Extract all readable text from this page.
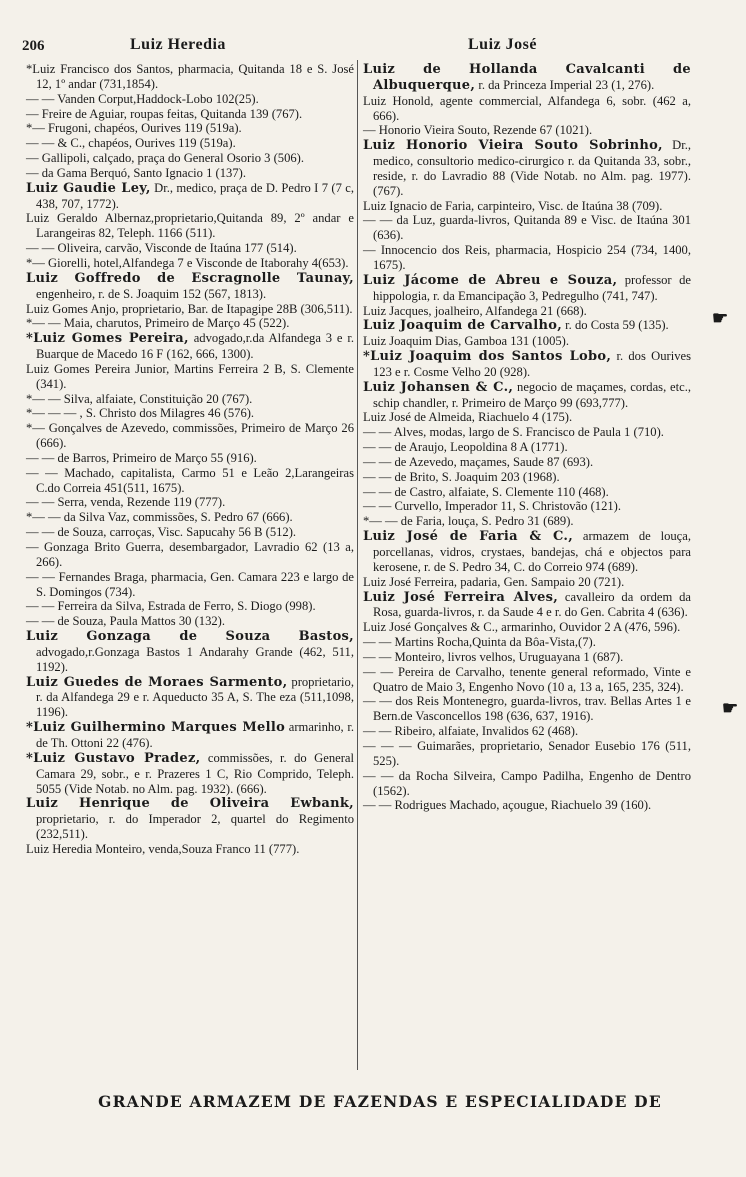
206	Luiz Heredia	Luiz José

*Luiz Francisco dos Santos, pharmacia, Quitanda 18 e S. José 12, 1º andar (731,1854).

— — Vanden Corput,Haddock-Lobo 102(25).

— Freire de Aguiar, roupas feitas, Quitanda 139 (767).

*— Frugoni, chapéos, Ourives 119 (519a).

— — & C., chapéos, Ourives 119 (519a).

— Gallipoli, calçado, praça do General Osorio 3 (506).

— da Gama Berquó, Santo Ignacio 1 (137).

Luiz Gaudie Ley, Dr., medico, praça de D. Pedro I 7 (7 c, 438, 707, 1772).

Luiz Geraldo Albernaz,proprietario,Quitanda 89, 2º andar e Larangeiras 82, Teleph. 1166 (511).

— — Oliveira, carvão, Visconde de Itaúna 177 (514).

*— Giorelli, hotel,Alfandega 7 e Visconde de Itaborahy 4(653).

Luiz Goffredo de Escragnolle Taunay, engenheiro, r. de S. Joaquim 152 (567, 1813).

Luiz Gomes Anjo, proprietario, Bar. de Itapagipe 28B (306,511).

*— — Maia, charutos, Primeiro de Março 45 (522).

*Luiz Gomes Pereira, advogado,r.da Alfandega 3 e r. Buarque de Macedo 16 F (162, 666, 1300).

Luiz Gomes Pereira Junior, Martins Ferreira 2 B, S. Clemente (341).

*— — Silva, alfaiate, Constituição 20 (767).

*— — — , S. Christo dos Milagres 46 (576).

*— Gonçalves de Azevedo, commissões, Primeiro de Março 26 (666).

— — de Barros, Primeiro de Março 55 (916).

— — Machado, capitalista, Carmo 51 e Leão 2,Larangeiras C.do Correia 451(511, 1675).

— — Serra, venda, Rezende 119 (777).

*— — da Silva Vaz, commissões, S. Pedro 67 (666).

— — de Souza, carroças, Visc. Sapucahy 56 B (512).

— Gonzaga Brito Guerra, desembargador, Lavradio 62 (13 a, 266).

— — Fernandes Braga, pharmacia, Gen. Camara 223 e largo de S. Domingos (734).

— — Ferreira da Silva, Estrada de Ferro, S. Diogo (998).

— — de Souza, Paula Mattos 30 (132).

Luiz Gonzaga de Souza Bastos, advogado,r.Gonzaga Bastos 1 Andarahy Grande (462, 511, 1192).

Luiz Guedes de Moraes Sarmento, proprietario, r. da Alfandega 29 e r. Aqueducto 35 A, S. The eza (511,1098, 1196).

*Luiz Guilhermino Marques Mello armarinho, r. de Th. Ottoni 22 (476).

*Luiz Gustavo Pradez, commissões, r. do General Camara 29, sobr., e r. Prazeres 1 C, Rio Comprido, Teleph. 5055 (Vide Notab. no Alm. pag. 1932). (666).

Luiz Henrique de Oliveira Ewbank, proprietario, r. do Imperador 2, quartel do Regimento (232,511).

Luiz Heredia Monteiro, venda,Souza Franco 11 (777).

Luiz de Hollanda Cavalcanti de Albuquerque, r. da Princeza Imperial 23 (1, 276).

Luiz Honold, agente commercial, Alfandega 6, sobr. (462 a, 666).

— Honorio Vieira Souto, Rezende 67 (1021).

Luiz Honorio Vieira Souto Sobrinho, Dr., medico, consultorio medico-cirurgico r. da Quitanda 33, sobr., reside, r. do Lavradio 88 (Vide Notab. no Alm. pag. 1977). (767).

Luiz Ignacio de Faria, carpinteiro, Visc. de Itaúna 38 (709).

— — da Luz, guarda-livros, Quitanda 89 e Visc. de Itaúna 301 (636).

— Innocencio dos Reis, pharmacia, Hospicio 254 (734, 1400, 1675).

Luiz Jácome de Abreu e Souza, professor de hippologia, r. da Emancipação 3, Pedregulho (741, 747).

Luiz Jacques, joalheiro, Alfandega 21 (668).

Luiz Joaquim de Carvalho, r. do Costa 59 (135).

Luiz Joaquim Dias, Gamboa 131 (1005).

*Luiz Joaquim dos Santos Lobo, r. dos Ourives 123 e r. Cosme Velho 20 (928).

Luiz Johansen & C., negocio de maçames, cordas, etc., schip chandler, r. Primeiro de Março 99 (693,777).

Luiz José de Almeida, Riachuelo 4 (175).

— — Alves, modas, largo de S. Francisco de Paula 1 (710).

— — de Araujo, Leopoldina 8 A (1771).

— — de Azevedo, maçames, Saude 87 (693).

— — de Brito, S. Joaquim 203 (1968).

— — de Castro, alfaiate, S. Clemente 110 (468).

— — Curvello, Imperador 11, S. Christovão (121).

*— — de Faria, louça, S. Pedro 31 (689).

Luiz José de Faria & C., armazem de louça, porcellanas, vidros, crystaes, bandejas, chá e objectos para kerosene, r. de S. Pedro 34, C. do Correio 974 (689).

Luiz José Ferreira, padaria, Gen. Sampaio 20 (721).

Luiz José Ferreira Alves, cavalleiro da ordem da Rosa, guarda-livros, r. da Saude 4 e r. do Gen. Cabrita 4 (636).

Luiz José Gonçalves & C., armarinho, Ouvidor 2 A (476, 596).

— — Martins Rocha,Quinta da Bôa-Vista,(7).

— — Monteiro, livros velhos, Uruguayana 1 (687).

— — Pereira de Carvalho, tenente general reformado, Vinte e Quatro de Maio 3, Engenho Novo (10 a, 13 a, 165, 235, 324).

— — dos Reis Montenegro, guarda-livros, trav. Bellas Artes 1 e Bern.de Vasconcellos 198 (636, 637, 1916).

— — Ribeiro, alfaiate, Invalidos 62 (468).

— — — Guimarães, proprietario, Senador Eusebio 176 (511, 525).

— — da Rocha Silveira, Campo Padilha, Engenho de Dentro (1562).

— — Rodrigues Machado, açougue, Riachuelo 39 (160).

☛
☛
GRANDE ARMAZEM DE FAZENDAS E ESPECIALIDADE DE
